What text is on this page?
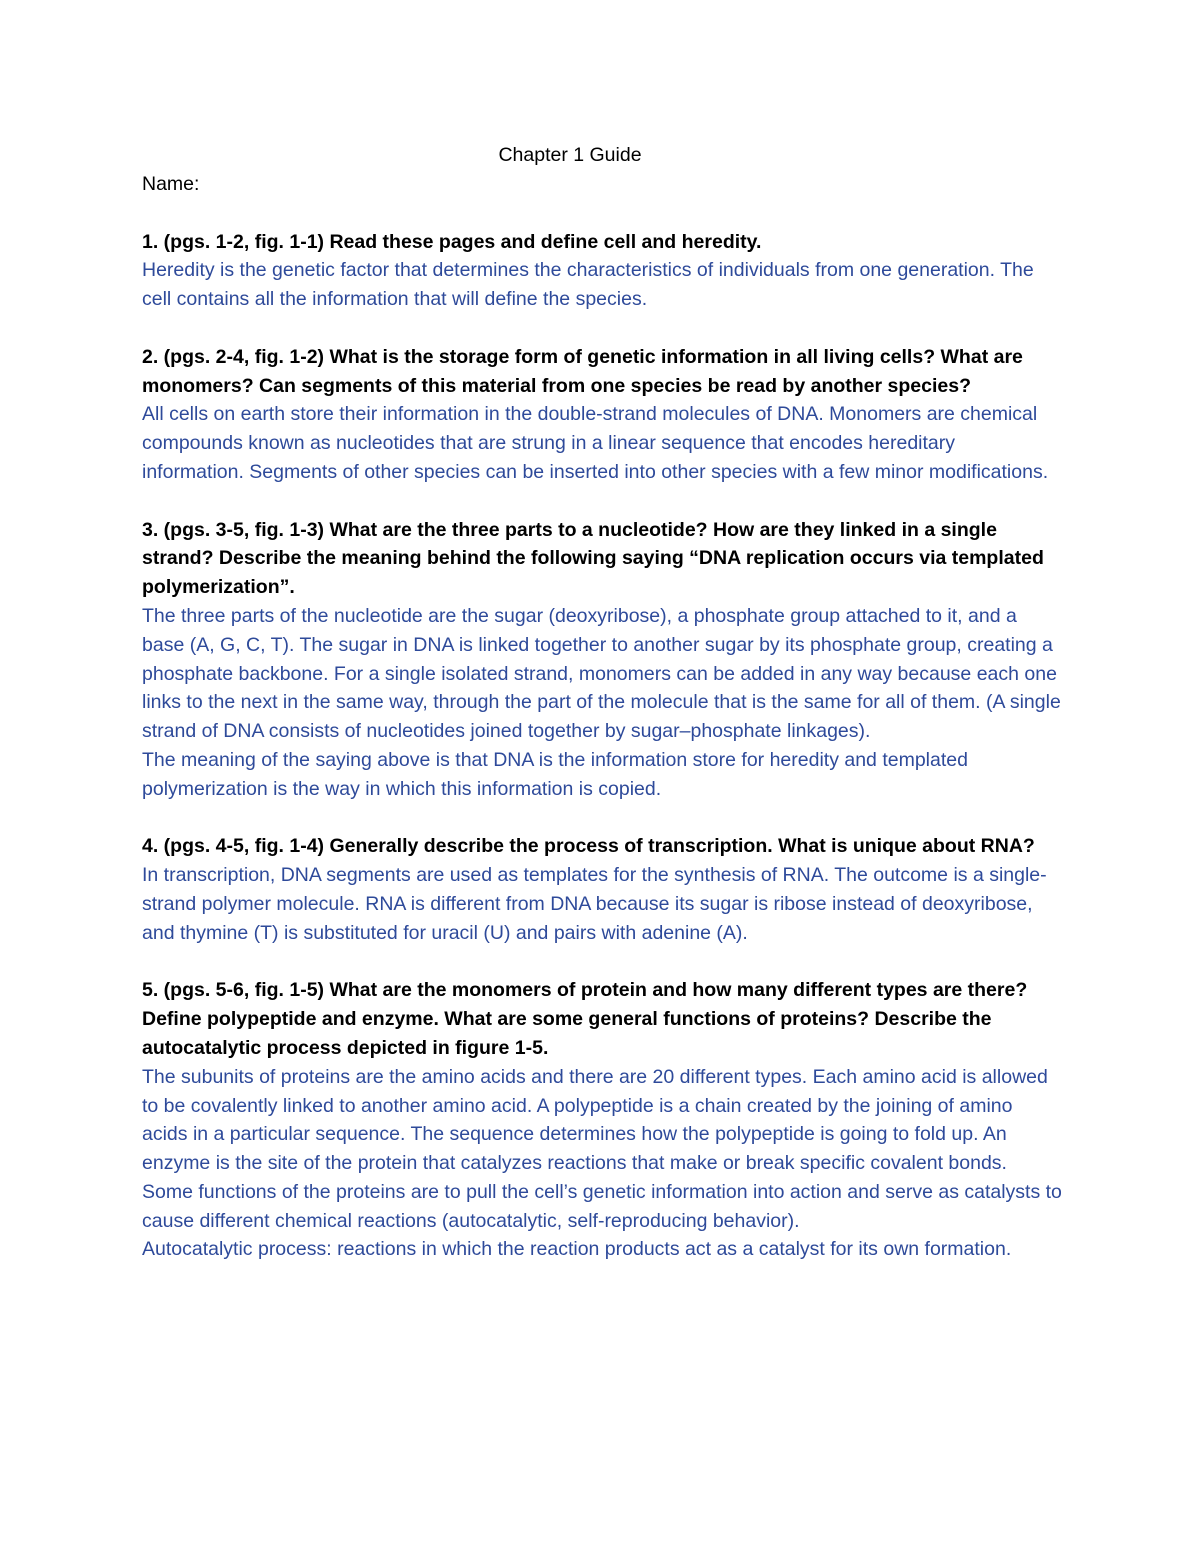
Chapter 1 Guide

Name:

1. (pgs. 1-2, fig. 1-1) Read these pages and define cell and heredity.

Heredity is the genetic factor that determines the characteristics of individuals from one generation. The cell contains all the information that will define the species.

2. (pgs. 2-4, fig. 1-2) What is the storage form of genetic information in all living cells? What are monomers? Can segments of this material from one species be read by another species?

All cells on earth store their information in the double-strand molecules of DNA. Monomers are chemical compounds known as nucleotides that are strung in a linear sequence that encodes hereditary information. Segments of other species can be inserted into other species with a few minor modifications.

3. (pgs. 3-5, fig. 1-3) What are the three parts to a nucleotide? How are they linked in a single strand? Describe the meaning behind the following saying “DNA replication occurs via templated polymerization”.

The three parts of the nucleotide are the sugar (deoxyribose), a phosphate group attached to it, and a base (A, G, C, T). The sugar in DNA is linked together to another sugar by its phosphate group, creating a phosphate backbone. For a single isolated strand, monomers can be added in any way because each one links to the next in the same way, through the part of the molecule that is the same for all of them. (A single strand of DNA consists of nucleotides joined together by sugar–phosphate linkages).

The meaning of the saying above is that DNA is the information store for heredity and templated polymerization is the way in which this information is copied.

4. (pgs. 4-5, fig. 1-4) Generally describe the process of transcription. What is unique about RNA?

In transcription, DNA segments are used as templates for the synthesis of RNA. The outcome is a single-strand polymer molecule. RNA is different from DNA because its sugar is ribose instead of deoxyribose, and thymine (T) is substituted for uracil (U) and pairs with adenine (A).

5. (pgs. 5-6, fig. 1-5) What are the monomers of protein and how many different types are there? Define polypeptide and enzyme. What are some general functions of proteins? Describe the autocatalytic process depicted in figure 1-5.

The subunits of proteins are the amino acids and there are 20 different types. Each amino acid is allowed to be covalently linked to another amino acid. A polypeptide is a chain created by the joining of amino acids in a particular sequence. The sequence determines how the polypeptide is going to fold up. An enzyme is the site of the protein that catalyzes reactions that make or break specific covalent bonds. Some functions of the proteins are to pull the cell’s genetic information into action and serve as catalysts to cause different chemical reactions (autocatalytic, self-reproducing behavior).

Autocatalytic process: reactions in which the reaction products act as a catalyst for its own formation.
